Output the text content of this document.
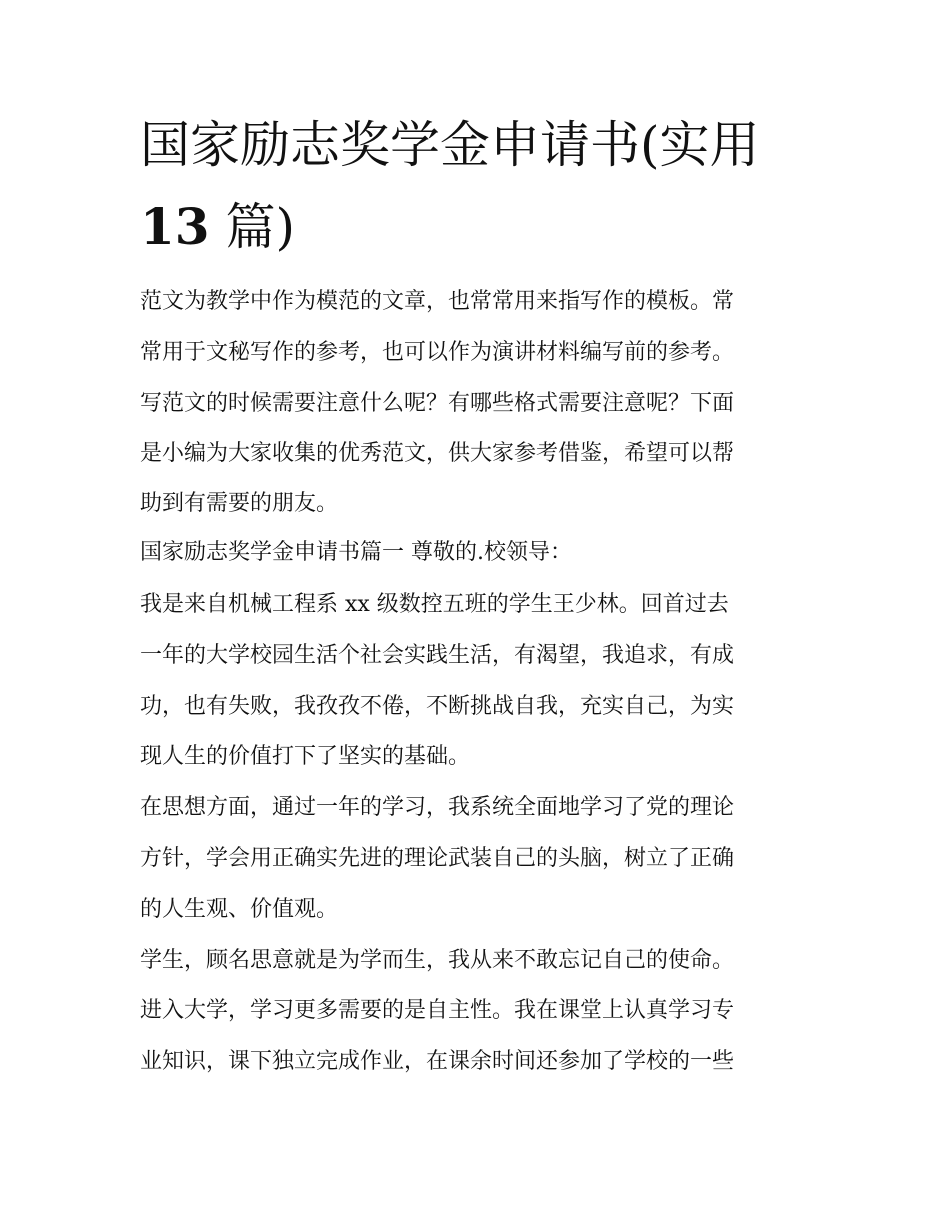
国家励志奖学金申请书(实用
13 篇)
范文为教学中作为模范的文章，也常常用来指写作的模板。常
常用于文秘写作的参考，也可以作为演讲材料编写前的参考。
写范文的时候需要注意什么呢？有哪些格式需要注意呢？下面
是小编为大家收集的优秀范文，供大家参考借鉴，希望可以帮
助到有需要的朋友。
国家励志奖学金申请书篇一 尊敬的.校领导：
我是来自机械工程系 xx 级数控五班的学生王少林。回首过去
一年的大学校园生活个社会实践生活，有渴望，我追求，有成
功，也有失败，我孜孜不倦，不断挑战自我，充实自己，为实
现人生的价值打下了坚实的基础。
在思想方面，通过一年的学习，我系统全面地学习了党的理论
方针，学会用正确实先进的理论武装自己的头脑，树立了正确
的人生观、价值观。
学生，顾名思意就是为学而生，我从来不敢忘记自己的使命。
进入大学，学习更多需要的是自主性。我在课堂上认真学习专
业知识，课下独立完成作业，在课余时间还参加了学校的一些
